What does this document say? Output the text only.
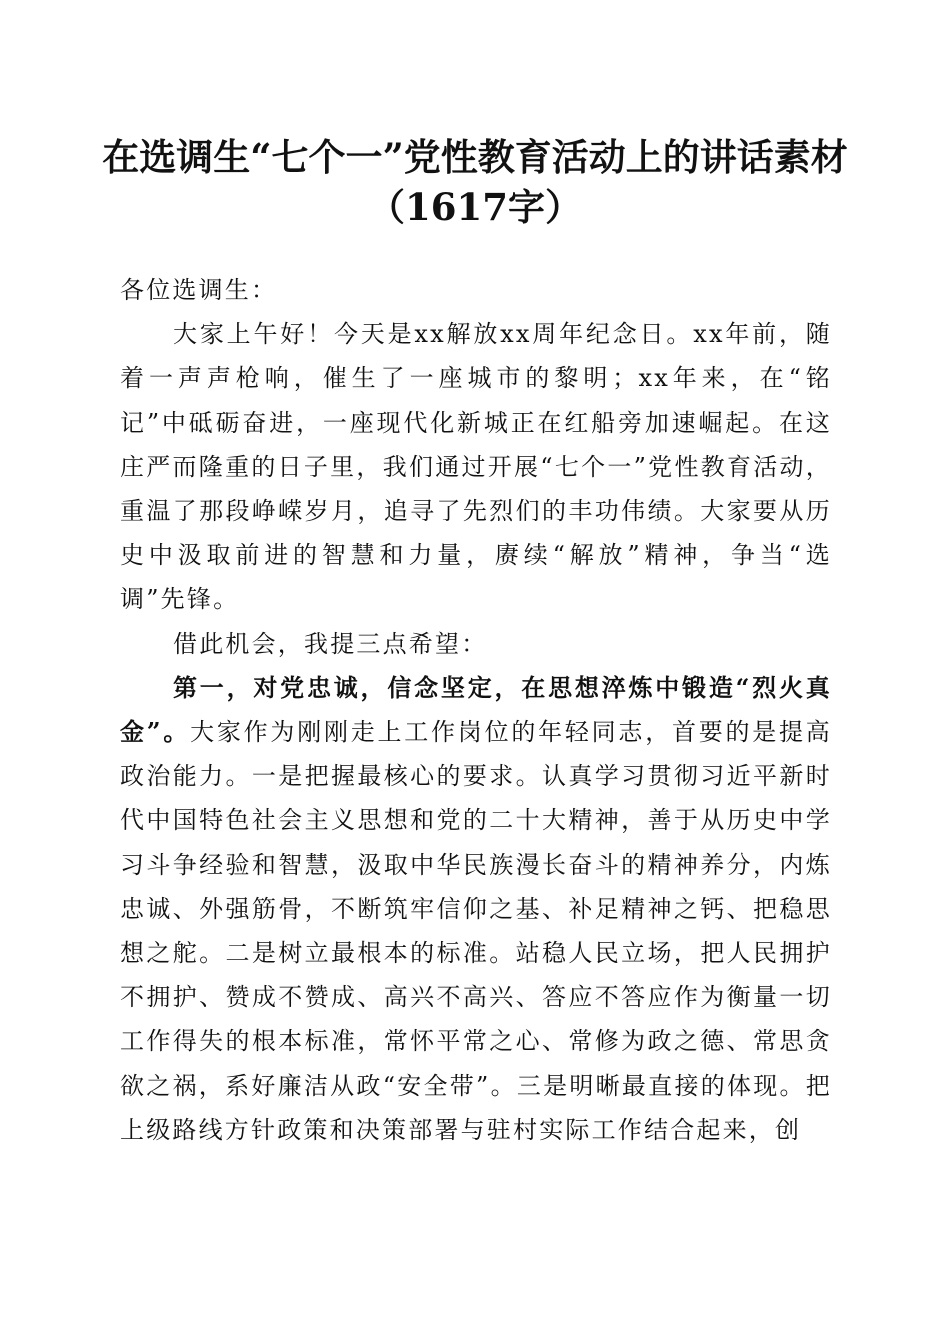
在选调生“七个一”党性教育活动上的讲话素材（1617字）

各位选调生：

大家上午好！今天是xx解放xx周年纪念日。xx年前，随着一声声枪响，催生了一座城市的黎明；xx年来，在“铭记”中砥砺奋进，一座现代化新城正在红船旁加速崛起。在这庄严而隆重的日子里，我们通过开展“七个一”党性教育活动，重温了那段峥嵘岁月，追寻了先烈们的丰功伟绩。大家要从历史中汲取前进的智慧和力量，赓续“解放”精神，争当“选调”先锋。

借此机会，我提三点希望：

第一，对党忠诚，信念坚定，在思想淬炼中锻造“烈火真金”。大家作为刚刚走上工作岗位的年轻同志，首要的是提高政治能力。一是把握最核心的要求。认真学习贯彻习近平新时代中国特色社会主义思想和党的二十大精神，善于从历史中学习斗争经验和智慧，汲取中华民族漫长奋斗的精神养分，内炼忠诚、外强筋骨，不断筑牢信仰之基、补足精神之钙、把稳思想之舵。二是树立最根本的标准。站稳人民立场，把人民拥护不拥护、赞成不赞成、高兴不高兴、答应不答应作为衡量一切工作得失的根本标准，常怀平常之心、常修为政之德、常思贪欲之祸，系好廉洁从政“安全带”。三是明晰最直接的体现。把上级路线方针政策和决策部署与驻村实际工作结合起来，创
